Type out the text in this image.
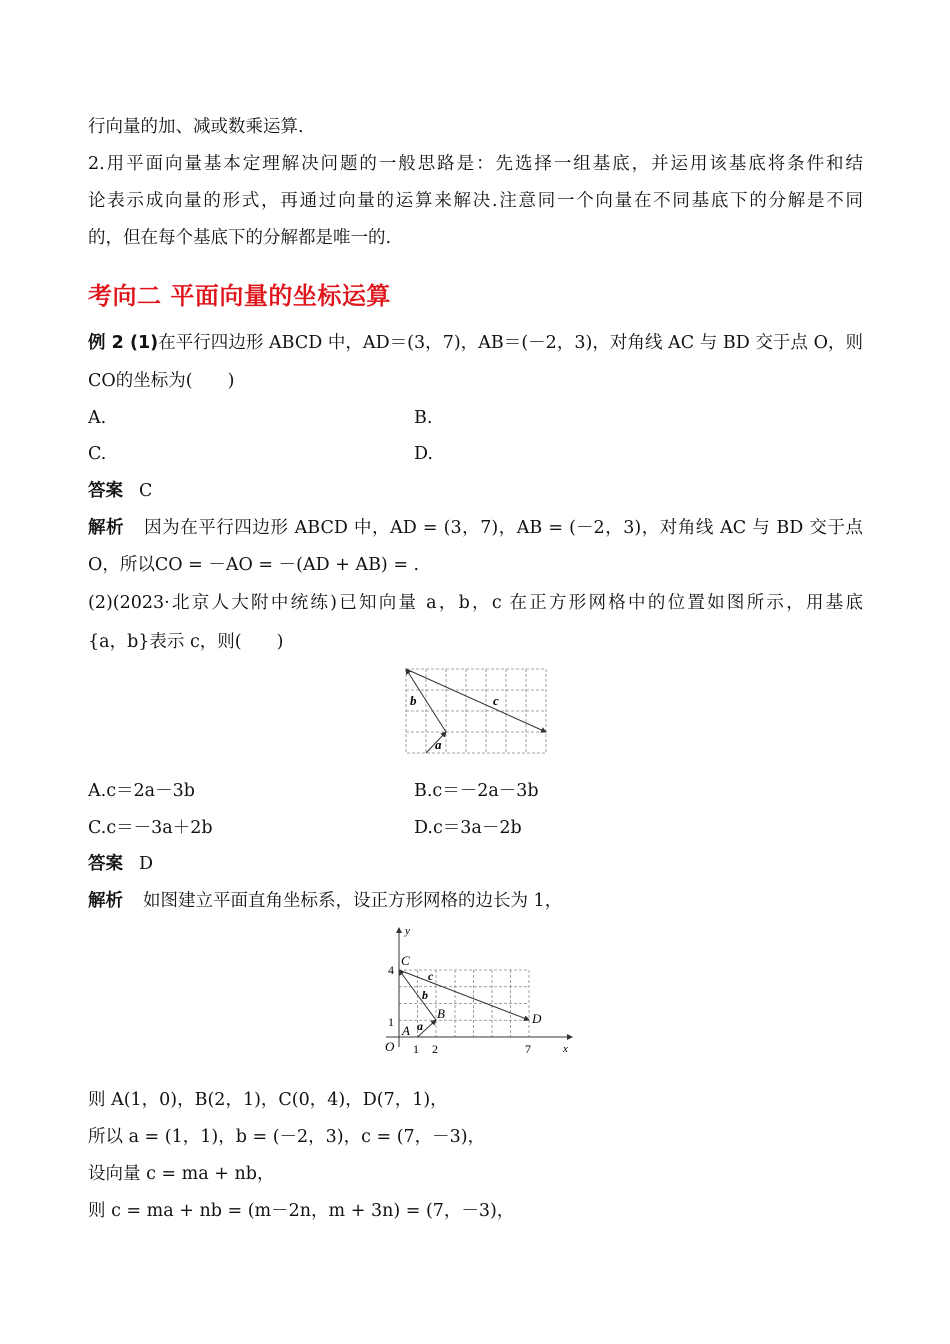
行向量的加、减或数乘运算.
2.用平面向量基本定理解决问题的一般思路是：先选择一组基底，并运用该基底将条件和结
论表示成向量的形式，再通过向量的运算来解决.注意同一个向量在不同基底下的分解是不同
的，但在每个基底下的分解都是唯一的.
考向二 平面向量的坐标运算
例 2 (1)在平行四边形 ABCD 中，AD＝(3，7)，AB＝(－2，3)，对角线 AC 与 BD 交于点 O，则
CO的坐标为(　　)
A.	B.
C.	D.
答案 C
解析 因为在平行四边形 ABCD 中，AD = (3，7)，AB = (－2，3)，对角线 AC 与 BD 交于点
O，所以CO = －AO = －(AD + AB) = .
(2)(2023·北京人大附中统练)已知向量 a，b，c 在正方形网格中的位置如图所示，用基底
{a，b}表示 c，则(　　)
a
b	c
A.c＝2a－3b	B.c＝－2a－3b
C.c＝－3a＋2b	D.c＝3a－2b
答案 D
解析 如图建立平面直角坐标系，设正方形网格的边长为 1，
y
x
O
4
1
1 2	7
C
A
B	D
a
b
c
则 A(1，0)，B(2，1)，C(0，4)，D(7，1)，
所以 a = (1，1)，b = (－2，3)，c = (7，－3)，
设向量 c = ma + nb，
则 c = ma + nb = (m－2n，m + 3n) = (7，－3)，
